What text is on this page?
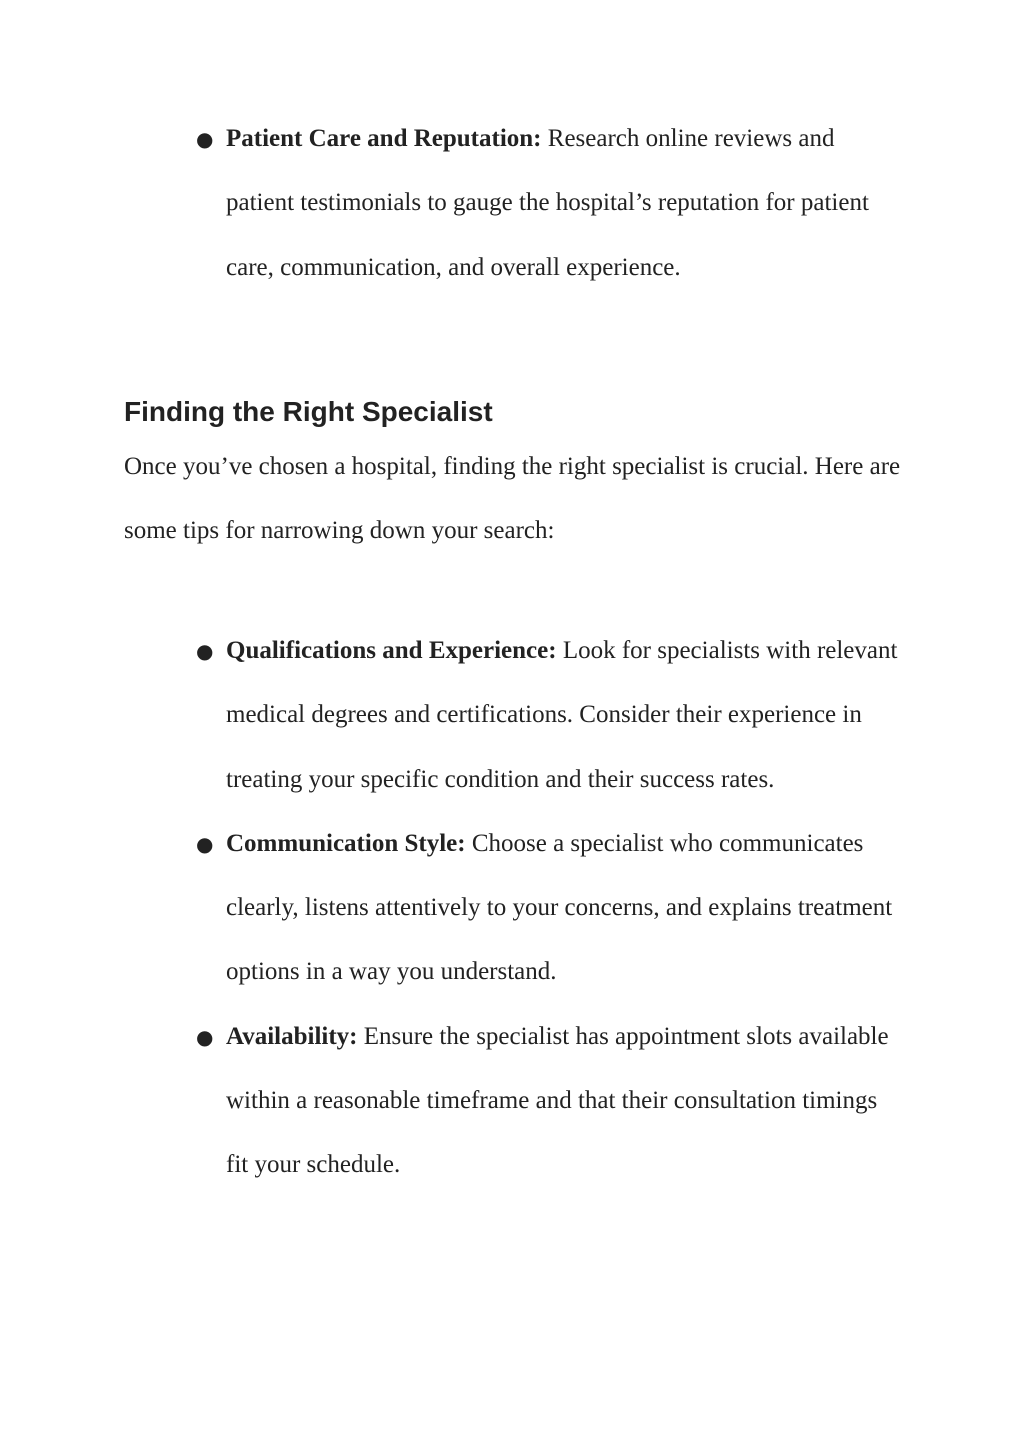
● Patient Care and Reputation: Research online reviews and patient testimonials to gauge the hospital’s reputation for patient care, communication, and overall experience.
Finding the Right Specialist

Once you’ve chosen a hospital, finding the right specialist is crucial. Here are some tips for narrowing down your search:

● Qualifications and Experience: Look for specialists with relevant medical degrees and certifications. Consider their experience in treating your specific condition and their success rates.
● Communication Style: Choose a specialist who communicates clearly, listens attentively to your concerns, and explains treatment options in a way you understand.
● Availability: Ensure the specialist has appointment slots available within a reasonable timeframe and that their consultation timings fit your schedule.
